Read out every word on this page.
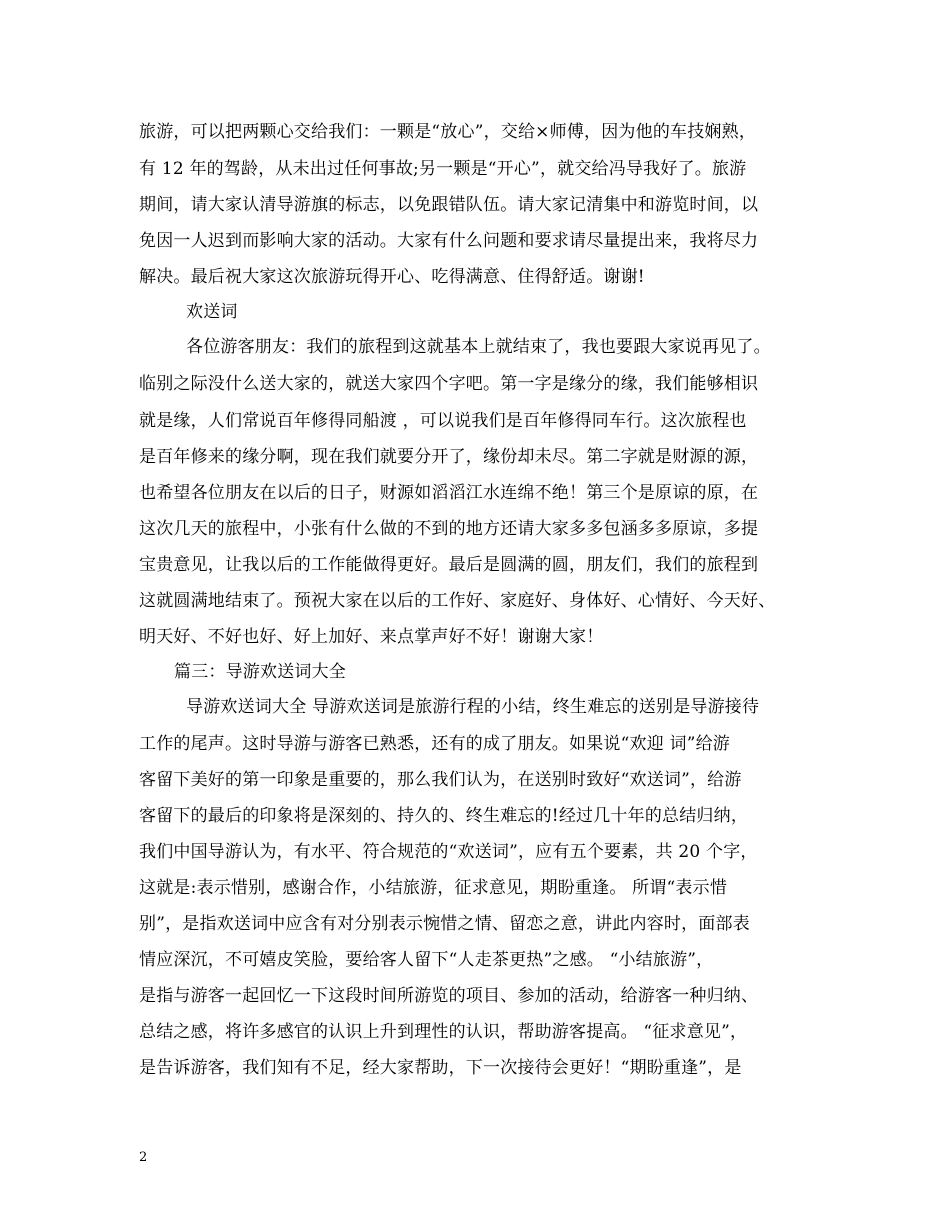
旅游，可以把两颗心交给我们：一颗是“放心”，交给×师傅，因为他的车技娴熟，
有 12 年的驾龄，从未出过任何事故;另一颗是“开心”，就交给冯导我好了。旅游
期间，请大家认清导游旗的标志，以免跟错队伍。请大家记清集中和游览时间，以
免因一人迟到而影响大家的活动。大家有什么问题和要求请尽量提出来，我将尽力
解决。最后祝大家这次旅游玩得开心、吃得满意、住得舒适。谢谢!
欢送词
各位游客朋友：我们的旅程到这就基本上就结束了，我也要跟大家说再见了。
临别之际没什么送大家的，就送大家四个字吧。第一字是缘分的缘，我们能够相识
就是缘，人们常说百年修得同船渡 ，可以说我们是百年修得同车行。这次旅程也
是百年修来的缘分啊，现在我们就要分开了，缘份却未尽。第二字就是财源的源，
也希望各位朋友在以后的日子，财源如滔滔江水连绵不绝！第三个是原谅的原，在
这次几天的旅程中，小张有什么做的不到的地方还请大家多多包涵多多原谅，多提
宝贵意见，让我以后的工作能做得更好。最后是圆满的圆，朋友们，我们的旅程到
这就圆满地结束了。预祝大家在以后的工作好、家庭好、身体好、心情好、今天好、
明天好、不好也好、好上加好、来点掌声好不好！谢谢大家！
篇三：导游欢送词大全
导游欢送词大全 导游欢送词是旅游行程的小结，终生难忘的送别是导游接待
工作的尾声。这时导游与游客已熟悉，还有的成了朋友。如果说“欢迎 词”给游
客留下美好的第一印象是重要的，那么我们认为，在送别时致好“欢送词”，给游
客留下的最后的印象将是深刻的、持久的、终生难忘的!经过几十年的总结归纳，
我们中国导游认为，有水平、符合规范的“欢送词”，应有五个要素，共 20 个字，
这就是:表示惜别，感谢合作，小结旅游，征求意见，期盼重逢。 所谓“表示惜
别”，是指欢送词中应含有对分别表示惋惜之情、留恋之意，讲此内容时，面部表
情应深沉，不可嬉皮笑脸，要给客人留下“人走茶更热”之感。 “小结旅游”，
是指与游客一起回忆一下这段时间所游览的项目、参加的活动，给游客一种归纳、
总结之感，将许多感官的认识上升到理性的认识，帮助游客提高。 “征求意见”，
是告诉游客，我们知有不足，经大家帮助，下一次接待会更好！“期盼重逢”，是
2
